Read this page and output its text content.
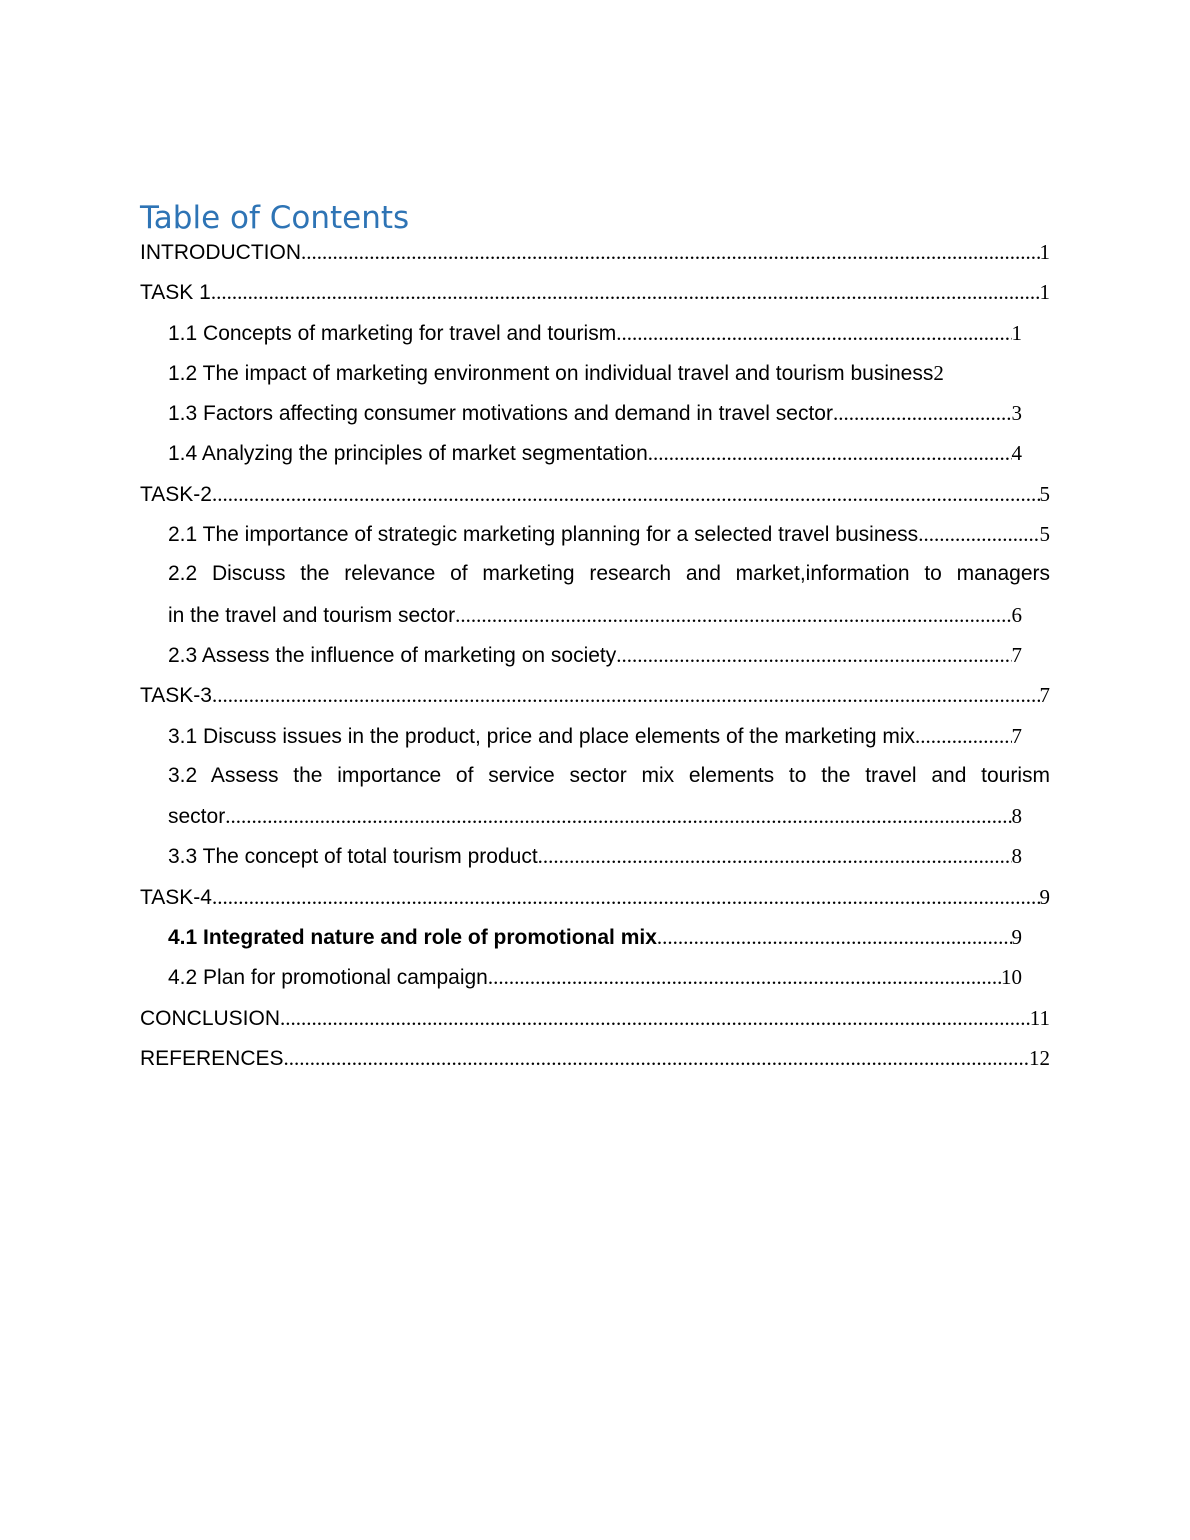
Table of Contents
INTRODUCTION .....	1
TASK 1 .....	1
1.1 Concepts of marketing for travel and tourism .....	1
1.2 The impact of marketing environment on individual travel and tourism business 2
1.3 Factors affecting consumer motivations and demand in travel sector .....	3
1.4 Analyzing the principles of market segmentation .....	4
TASK-2 .....	5
2.1 The importance of strategic marketing planning for a selected travel business .....	5
2.2 Discuss the relevance of marketing research and market,information to managers
in the travel and tourism sector .....	6
2.3 Assess the influence of marketing on society .....	7
TASK-3 .....	7
3.1 Discuss issues in the product, price and place elements of the marketing mix .....	7
3.2 Assess the importance of service sector mix elements to the travel and tourism
sector .....	8
3.3 The concept of total tourism product .....	8
TASK-4 .....	9
4.1 Integrated nature and role of promotional mix .....	9
4.2 Plan for promotional campaign .....	10
CONCLUSION .....	11
REFERENCES .....	12
